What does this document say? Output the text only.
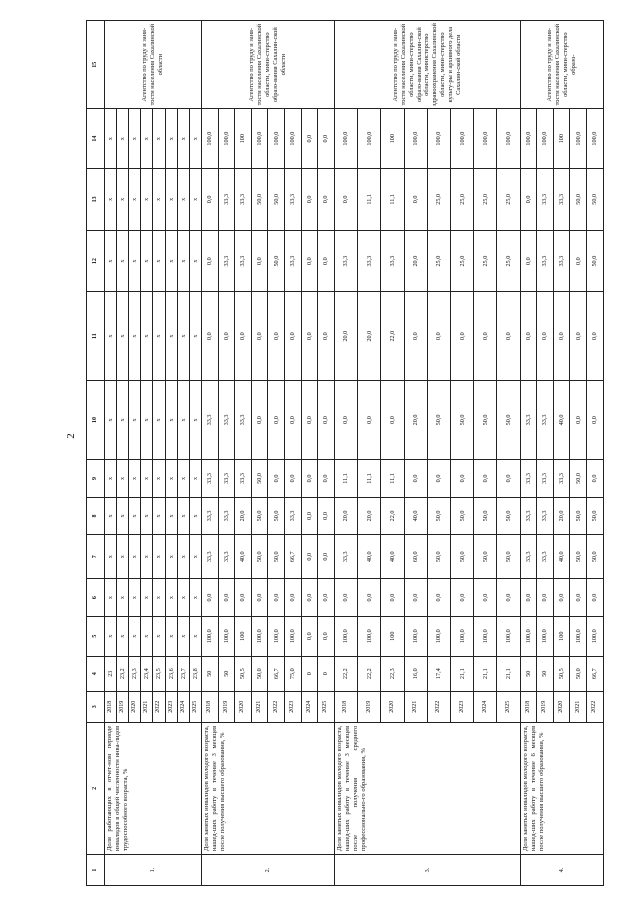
2
1	2	3	4	5	6	7	8	9	10	11	12	13	14	15
1.	Доля работающих в отчет-ном периоде инвалидов в общей численности инва-лидов трудоспособного возраста, %	2018	23	x	x	x	x	x	x	x	x	x	x	Агентство по труду и заня-тости населения Сахалинской области
		2019	23,2	x	x	x	x	x	x	x	x	x	x	
		2020	23,3	x	x	x	x	x	x	x	x	x	x	
		2021	23,4	x	x	x	x	x	x	x	x	x	x	
		2022	23,5	x	x	x	x	x	x	x	x	x	x	
		2023	23,6	x	x	x	x	x	x	x	x	x	x	
		2024	23,7	x	x	x	x	x	x	x	x	x	x	
		2025	23,8	x	x	x	x	x	x	x	x	x	x	
2.	Доля занятых инвалидов молодого возраста, нашед-ших работу в течение 3 месяцев после получения высшего образования, %	2018	50	100,0	0,0	33,3	33,3	33,3	33,3	0,0	0,0	0,0	100,0	Агентство по труду и заня-тости населения Сахалинской области, мини-стерство образо-вания Сахалин-ской области
		2019	50	100,0	0,0	33,3	33,3	33,3	33,3	0,0	33,3	33,3	100,0	
		2020	50,5	100	0,0	40,0	20,0	33,3	33,3	0,0	33,3	33,3	100	
		2021	50,0	100,0	0,0	50,0	50,0	50,0	0,0	0,0	0,0	50,0	100,0	
		2022	66,7	100,0	0,0	50,0	50,0	0,0	0,0	0,0	50,0	50,0	100,0	
		2023	75,0	100,0	0,0	66,7	33,3	0,0	0,0	0,0	33,3	33,3	100,0	
		2024	0	0,0	0,0	0,0	0,0	0,0	0,0	0,0	0,0	0,0	0,0	
		2025	0	0,0	0,0	0,0	0,0	0,0	0,0	0,0	0,0	0,0	0,0	
3.	Доля занятых инвалидов молодого возраста, нашед-ших работу в течение 3 месяцев после получения среднего профессионально-го образования, %	2018	22,2	100,0	0,0	33,3	20,0	11,1	0,0	20,0	33,3	0,0	100,0	Агентство по труду и заня-тости населения Сахалинской области, мини-стерство образо-вания Сахалин-ской области, министерство здравоохранения Сахалинской области, мини-стерство культу-ры и архивного дела Сахалин-ской области
		2019	22,2	100,0	0,0	40,0	20,0	11,1	0,0	20,0	33,3	11,1	100,0	
		2020	22,3	100	0,0	40,0	22,0	11,1	0,0	22,0	33,3	11,1	100	
		2021	16,0	100,0	0,0	60,0	40,0	0,0	20,0	0,0	20,0	0,0	100,0	
		2022	17,4	100,0	0,0	50,0	50,0	0,0	50,0	0,0	25,0	25,0	100,0	
		2023	21,1	100,0	0,0	50,0	50,0	0,0	50,0	0,0	25,0	25,0	100,0	
		2024	21,1	100,0	0,0	50,0	50,0	0,0	50,0	0,0	25,0	25,0	100,0	
		2025	21,1	100,0	0,0	50,0	50,0	0,0	50,0	0,0	25,0	25,0	100,0	
4.	Доля занятых инвалидов молодого возраста, нашед-ших работу в течение 6 месяцев после получения высшего образования, %	2018	50	100,0	0,0	33,3	33,3	33,3	33,3	0,0	0,0	0,0	100,0	Агентство по труду и заня-тости населения Сахалинской области, мини-стерство образо-
		2019	50	100,0	0,0	33,3	33,3	33,3	33,3	0,0	33,3	33,3	100,0	
		2020	50,5	100	0,0	40,0	20,0	33,3	40,0	0,0	33,3	33,3	100	
		2021	50,0	100,0	0,0	50,0	50,0	50,0	0,0	0,0	0,0	50,0	100,0	
		2022	66,7	100,0	0,0	50,0	50,0	0,0	0,0	0,0	50,0	50,0	100,0	
